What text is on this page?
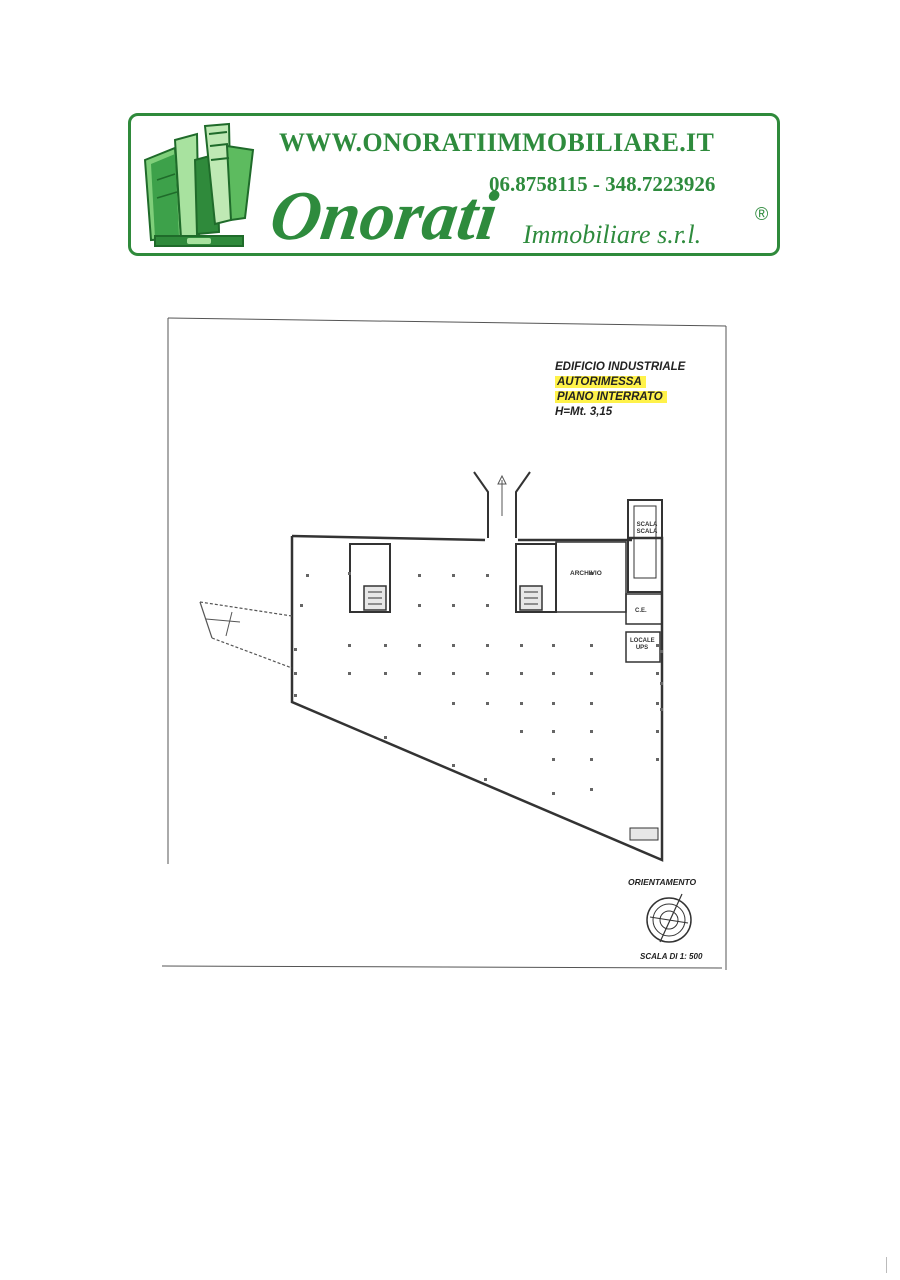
WWW.ONORATIIMMOBILIARE.IT
06.8758115 - 348.7223926
Onorati Immobiliare s.r.l.
®
EDIFICIO INDUSTRIALE
AUTORIMESSA
PIANO INTERRATO
H=Mt. 3,15
ARCHIVIO
SCALA SCALA
C.E.
LOCALE UPS
ORIENTAMENTO
SCALA DI 1: 500
